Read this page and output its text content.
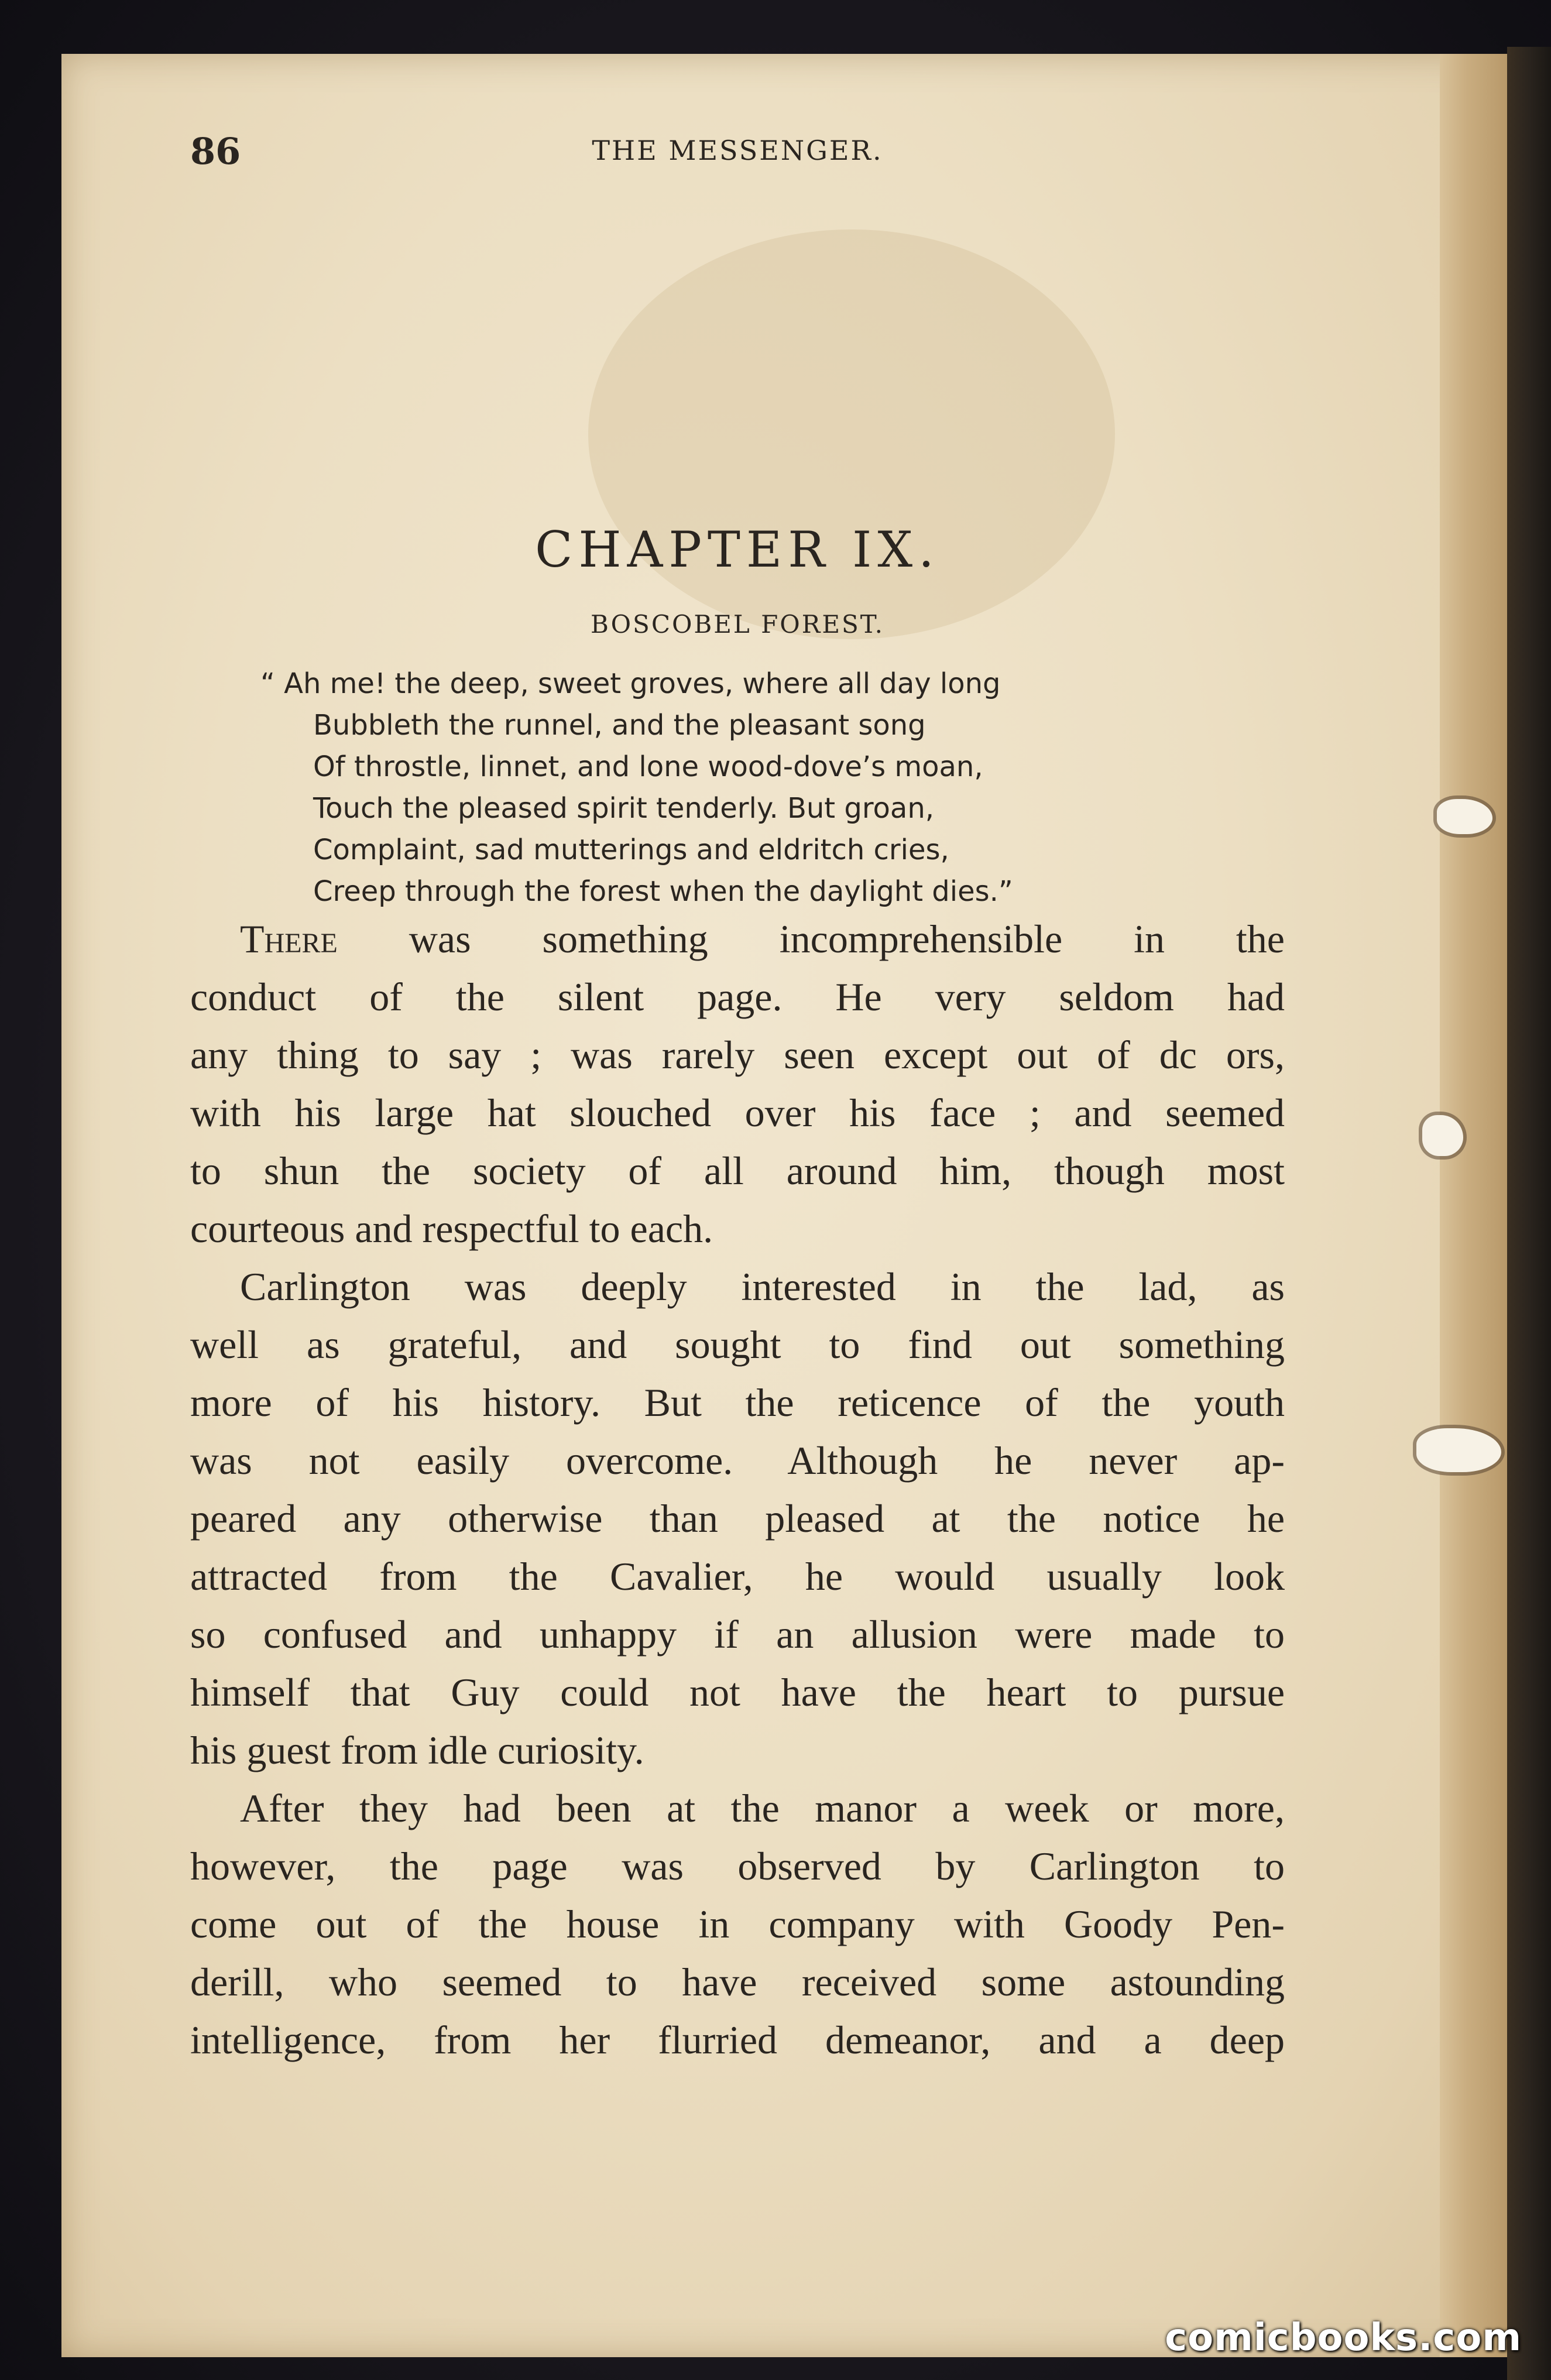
86	THE MESSENGER.
CHAPTER IX.
BOSCOBEL FOREST.
“ Ah me! the deep, sweet groves, where all day long
Bubbleth the runnel, and the pleasant song
Of throstle, linnet, and lone wood-dove’s moan,
Touch the pleased spirit tenderly. But groan,
Complaint, sad mutterings and eldritch cries,
Creep through the forest when the daylight dies.”
There was something incomprehensible in the
conduct of the silent page. He very seldom had
any thing to say ; was rarely seen except out of dc ors,
with his large hat slouched over his face ; and seemed
to shun the society of all around him, though most
courteous and respectful to each.
Carlington was deeply interested in the lad, as
well as grateful, and sought to find out something
more of his history. But the reticence of the youth
was not easily overcome. Although he never ap-
peared any otherwise than pleased at the notice he
attracted from the Cavalier, he would usually look
so confused and unhappy if an allusion were made to
himself that Guy could not have the heart to pursue
his guest from idle curiosity.
After they had been at the manor a week or more,
however, the page was observed by Carlington to
come out of the house in company with Goody Pen-
derill, who seemed to have received some astounding
intelligence, from her flurried demeanor, and a deep
comicbooks.com
